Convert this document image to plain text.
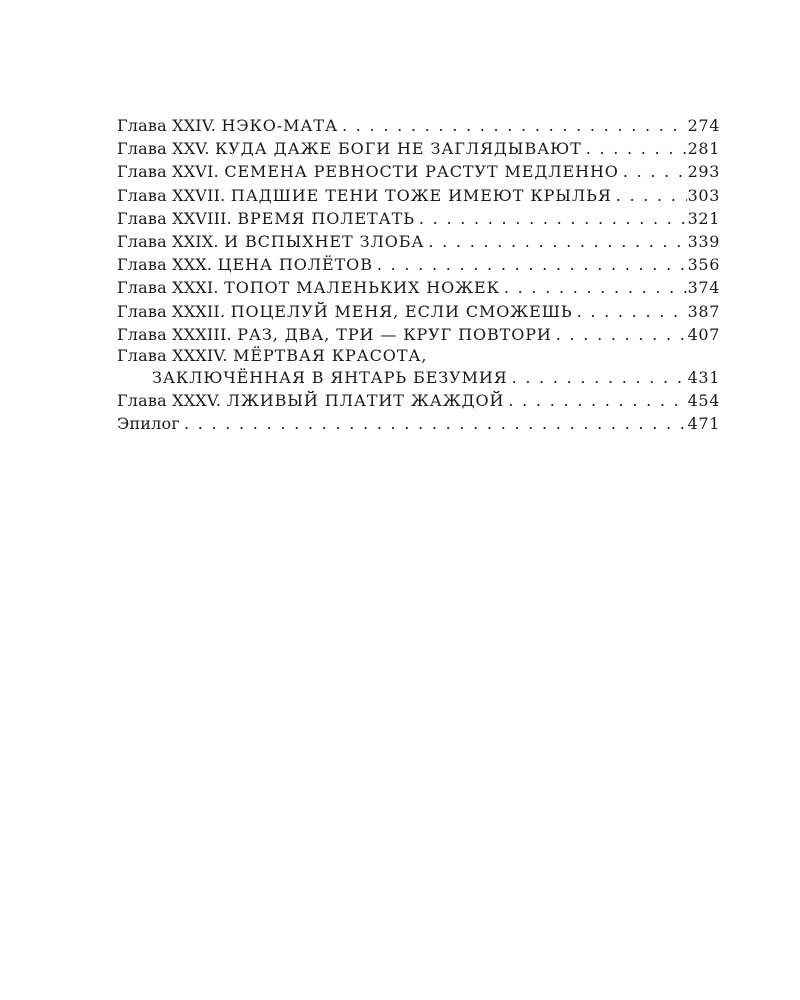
Глава XXIV. НЭКО-МАТА . . .	274
Глава XXV. КУДА ДАЖЕ БОГИ НЕ ЗАГЛЯДЫВАЮТ . . .	281
Глава XXVI. СЕМЕНА РЕВНОСТИ РАСТУТ МЕДЛЕННО . . .	293
Глава XXVII. ПАДШИЕ ТЕНИ ТОЖЕ ИМЕЮТ КРЫЛЬЯ . . .	303
Глава XXVIII. ВРЕМЯ ПОЛЕТАТЬ . . .	321
Глава XXIX. И ВСПЫХНЕТ ЗЛОБА . . .	339
Глава XXX. ЦЕНА ПОЛЁТОВ . . .	356
Глава XXXI. ТОПОТ МАЛЕНЬКИХ НОЖЕК . . .	374
Глава XXXII. ПОЦЕЛУЙ МЕНЯ, ЕСЛИ СМОЖЕШЬ . . .	387
Глава XXXIII. РАЗ, ДВА, ТРИ — КРУГ ПОВТОРИ . . .	407
Глава XXXIV. МЁРТВАЯ КРАСОТА,
ЗАКЛЮЧЁННАЯ В ЯНТАРЬ БЕЗУМИЯ . . .	431
Глава XXXV. ЛЖИВЫЙ ПЛАТИТ ЖАЖДОЙ . . .	454
Эпилог . . .	471
